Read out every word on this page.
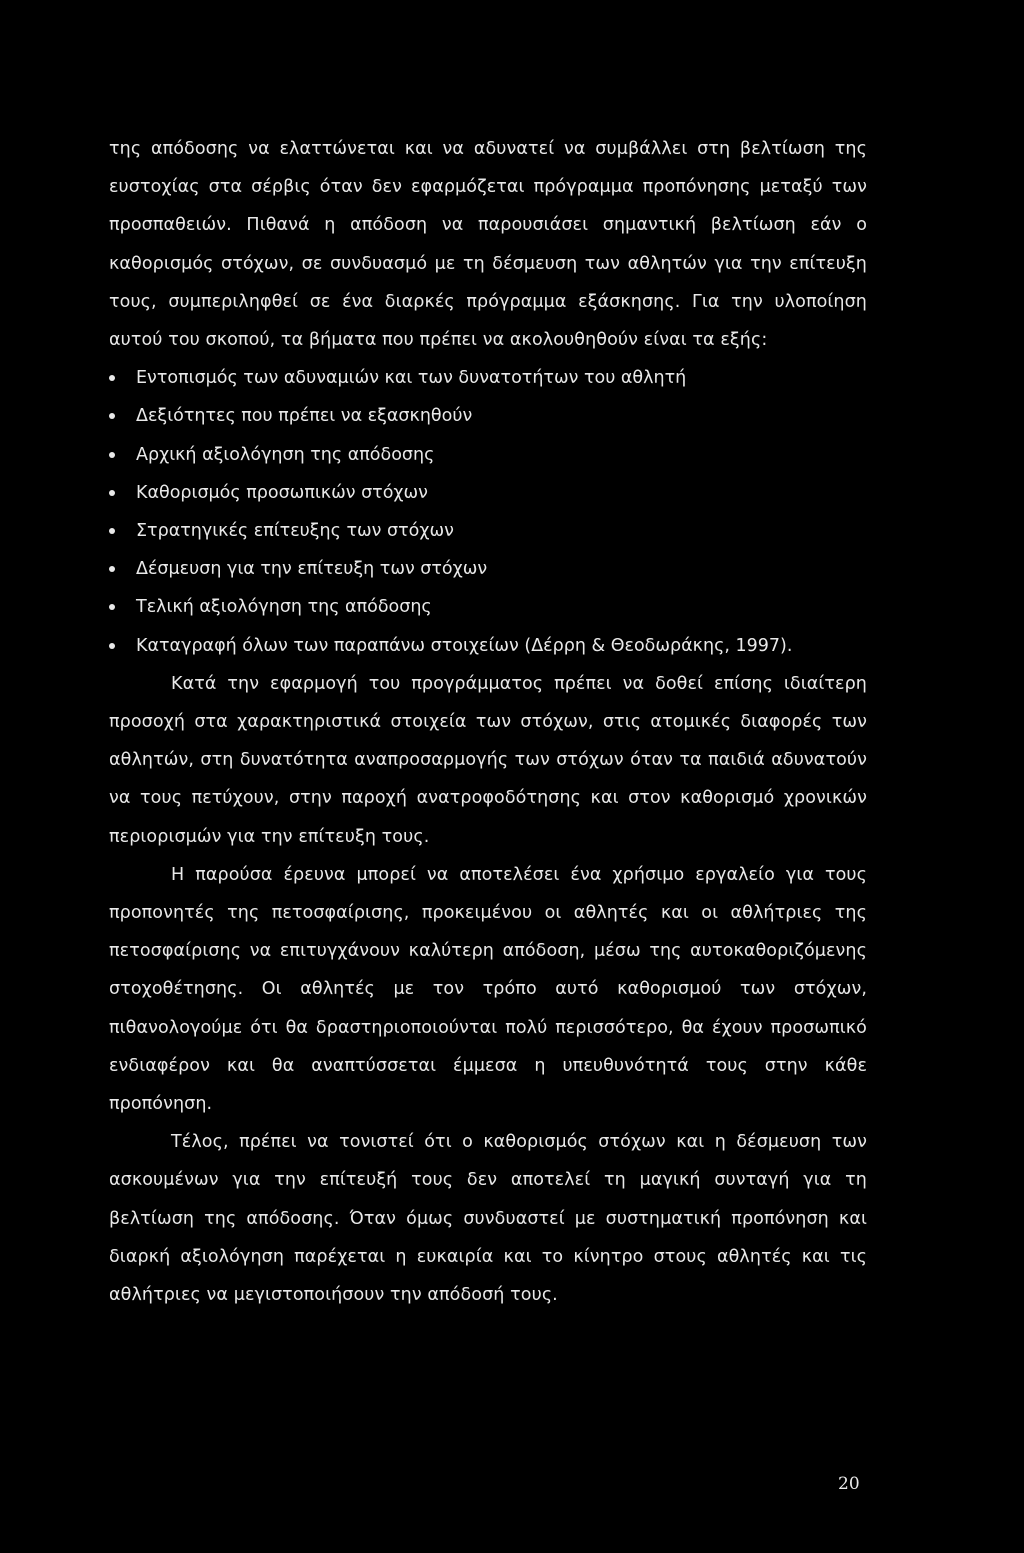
της απόδοσης να ελαττώνεται και να αδυνατεί να συμβάλλει στη βελτίωση της ευστοχίας στα σέρβις όταν δεν εφαρμόζεται πρόγραμμα προπόνησης μεταξύ των προσπαθειών. Πιθανά η απόδοση να παρουσιάσει σημαντική βελτίωση εάν ο καθορισμός στόχων, σε συνδυασμό με τη δέσμευση των αθλητών για την επίτευξη τους, συμπεριληφθεί σε ένα διαρκές πρόγραμμα εξάσκησης. Για την υλοποίηση αυτού του σκοπού, τα βήματα που πρέπει να ακολουθηθούν είναι τα εξής:

Εντοπισμός των αδυναμιών και των δυνατοτήτων του αθλητή
Δεξιότητες που πρέπει να εξασκηθούν
Αρχική αξιολόγηση της απόδοσης
Καθορισμός προσωπικών στόχων
Στρατηγικές επίτευξης των στόχων
Δέσμευση για την επίτευξη των στόχων
Τελική αξιολόγηση της απόδοσης
Καταγραφή όλων των παραπάνω στοιχείων (Δέρρη & Θεοδωράκης, 1997).

Κατά την εφαρμογή του προγράμματος πρέπει να δοθεί επίσης ιδιαίτερη προσοχή στα χαρακτηριστικά στοιχεία των στόχων, στις ατομικές διαφορές των αθλητών, στη δυνατότητα αναπροσαρμογής των στόχων όταν τα παιδιά αδυνατούν να τους πετύχουν, στην παροχή ανατροφοδότησης και στον καθορισμό χρονικών περιορισμών για την επίτευξη τους.

Η παρούσα έρευνα μπορεί να αποτελέσει ένα χρήσιμο εργαλείο για τους προπονητές της πετοσφαίρισης, προκειμένου οι αθλητές και οι αθλήτριες της πετοσφαίρισης να επιτυγχάνουν καλύτερη απόδοση, μέσω της αυτοκαθοριζόμενης στοχοθέτησης. Οι αθλητές με τον τρόπο αυτό καθορισμού των στόχων, πιθανολογούμε ότι θα δραστηριοποιούνται πολύ περισσότερο, θα έχουν προσωπικό ενδιαφέρον και θα αναπτύσσεται έμμεσα η υπευθυνότητά τους στην κάθε προπόνηση.

Τέλος, πρέπει να τονιστεί ότι ο καθορισμός στόχων και η δέσμευση των ασκουμένων για την επίτευξή τους δεν αποτελεί τη μαγική συνταγή για τη βελτίωση της απόδοσης. Όταν όμως συνδυαστεί με συστηματική προπόνηση και διαρκή αξιολόγηση παρέχεται η ευκαιρία και το κίνητρο στους αθλητές και τις αθλήτριες να μεγιστοποιήσουν την απόδοσή τους.

20
